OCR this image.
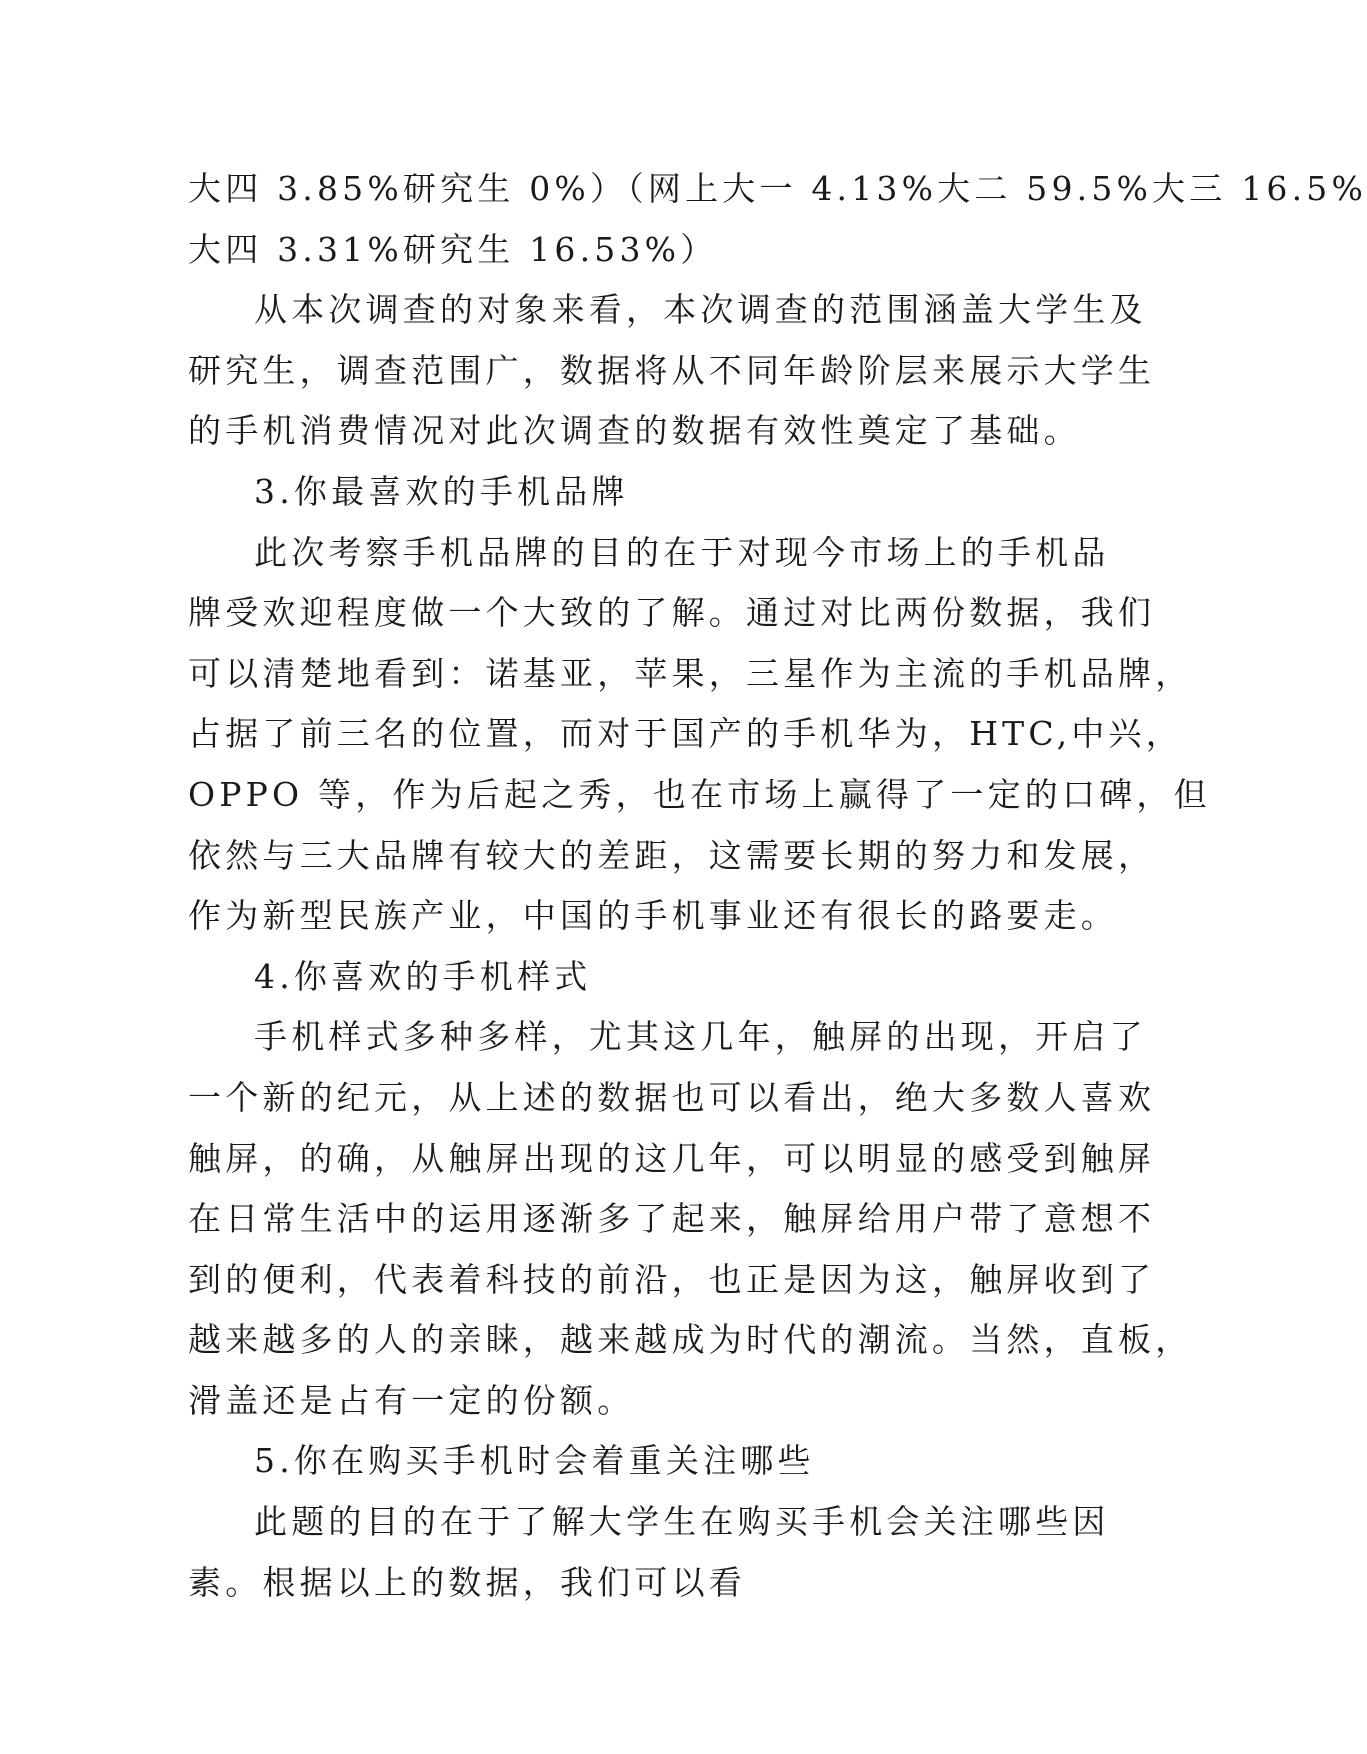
大四 3.85%研究生 0%）（网上大一 4.13%大二 59.5%大三 16.5%
大四 3.31%研究生 16.53%）
从本次调查的对象来看，本次调查的范围涵盖大学生及
研究生，调查范围广，数据将从不同年龄阶层来展示大学生
的手机消费情况对此次调查的数据有效性奠定了基础。
3.你最喜欢的手机品牌
此次考察手机品牌的目的在于对现今市场上的手机品
牌受欢迎程度做一个大致的了解。通过对比两份数据，我们
可以清楚地看到：诺基亚，苹果，三星作为主流的手机品牌，
占据了前三名的位置，而对于国产的手机华为，HTC,中兴，
OPPO 等，作为后起之秀，也在市场上赢得了一定的口碑，但
依然与三大品牌有较大的差距，这需要长期的努力和发展，
作为新型民族产业，中国的手机事业还有很长的路要走。
4.你喜欢的手机样式
手机样式多种多样，尤其这几年，触屏的出现，开启了
一个新的纪元，从上述的数据也可以看出，绝大多数人喜欢
触屏，的确，从触屏出现的这几年，可以明显的感受到触屏
在日常生活中的运用逐渐多了起来，触屏给用户带了意想不
到的便利，代表着科技的前沿，也正是因为这，触屏收到了
越来越多的人的亲睐，越来越成为时代的潮流。当然，直板，
滑盖还是占有一定的份额。
5.你在购买手机时会着重关注哪些
此题的目的在于了解大学生在购买手机会关注哪些因
素。根据以上的数据，我们可以看
